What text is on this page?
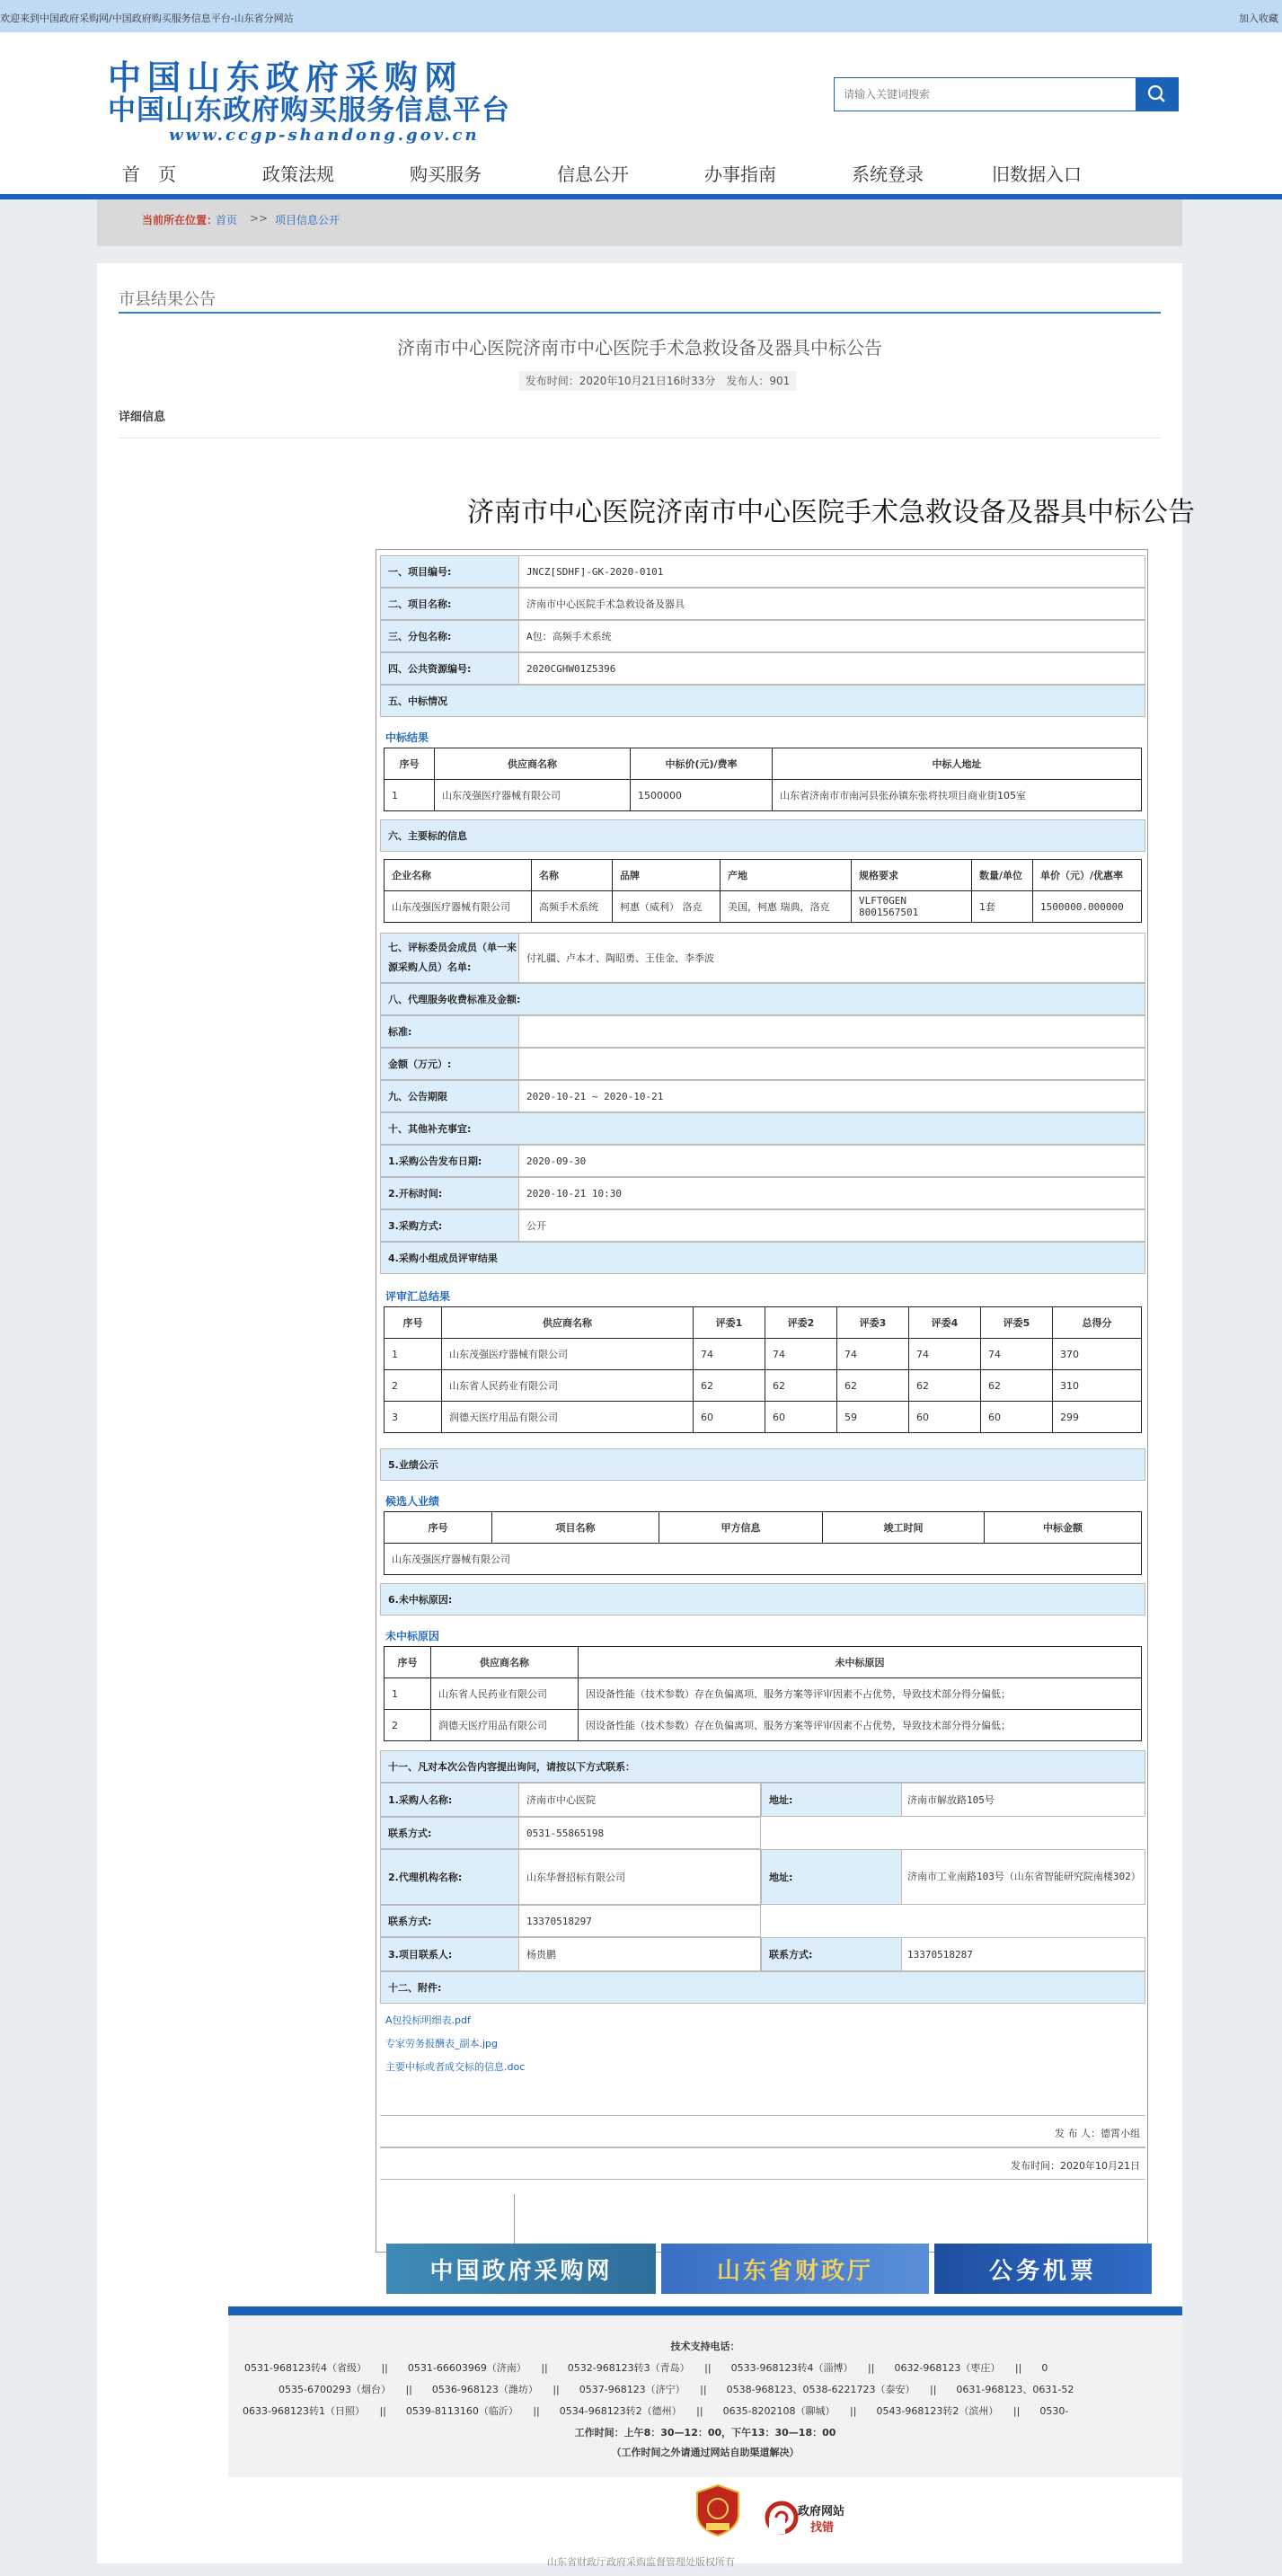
欢迎来到中国政府采购网/中国政府购买服务信息平台-山东省分网站	加入收藏
中国山东政府采购网
中国山东政府购买服务信息平台
www.ccgp-shandong.gov.cn
请输入关键词搜索
首　页	政策法规	购买服务	信息公开	办事指南	系统登录	旧数据入口
当前所在位置：
首页 >> 项目信息公开
市县结果公告
济南市中心医院济南市中心医院手术急救设备及器具中标公告
发布时间：2020年10月21日16时33分　发布人：901
详细信息
济南市中心医院济南市中心医院手术急救设备及器具中标公告
一、项目编号:	JNCZ[SDHF]-GK-2020-0101
二、项目名称:	济南市中心医院手术急救设备及器具
三、分包名称:	A包：高频手术系统
四、公共资源编号:	2020CGHW01Z5396
五、中标情况
中标结果
序号	供应商名称	中标价(元)/费率	中标人地址
1	山东茂强医疗器械有限公司	1500000	山东省济南市市南河县张孙镇东张将扶项目商业街105室
六、主要标的信息
企业名称	名称	品牌	产地	规格要求	数量/单位	单价（元）/优惠率
山东茂强医疗器械有限公司	高频手术系统	柯惠（威利） 洛克	美国，柯惠 瑞典，洛克	VLFT0GEN 8001567501	1套	1500000.000000
七、评标委员会成员（单一来源采购人员）名单:
付礼疆、卢本才、陶昭勇、王佳金、李季波
八、代理服务收费标准及金额:
标准:
金额（万元）:
九、公告期限	2020-10-21 ~ 2020-10-21
十、其他补充事宜:
1.采购公告发布日期:	2020-09-30
2.开标时间:	2020-10-21 10:30
3.采购方式:	公开
4.采购小组成员评审结果
评审汇总结果
序号	供应商名称	评委1	评委2	评委3	评委4	评委5	总得分
1	山东茂强医疗器械有限公司	74	74	74	74	74	370
2	山东省人民药业有限公司	62	62	62	62	62	310
3	润德天医疗用品有限公司	60	60	59	60	60	299
5.业绩公示
候选人业绩
序号	项目名称	甲方信息	竣工时间	中标金额
山东茂强医疗器械有限公司
6.未中标原因:
未中标原因
序号	供应商名称	未中标原因
1	山东省人民药业有限公司	因设备性能（技术参数）存在负偏离项、服务方案等评审因素不占优势，导致技术部分得分偏低；
2	润德天医疗用品有限公司	因设备性能（技术参数）存在负偏离项、服务方案等评审因素不占优势，导致技术部分得分偏低；
十一、凡对本次公告内容提出询问，请按以下方式联系：
1.采购人名称:	济南市中心医院	地址:	济南市解放路105号
联系方式:	0531-55865198
2.代理机构名称:	山东华督招标有限公司	地址:	济南市工业南路103号（山东省智能研究院南楼302）
联系方式:	13370518297
3.项目联系人:	杨贵鹏	联系方式:	13370518287
十二、附件:
A包投标明细表.pdf
专家劳务报酬表_副本.jpg
主要中标或者成交标的信息.doc
发 布 人：德霄小组
发布时间：2020年10月21日
中国政府采购网	山东省财政厅	公务机票
技术支持电话：
0531-968123转4（省级）　　||　　0531-66603969（济南）　　||　　0532-968123转3（青岛）　　||　　0533-968123转4（淄博）　　||　　0632-968123（枣庄）　　||　　0
0535-6700293（烟台）　　||　　0536-968123（潍坊）　　||　　0537-968123（济宁）　　||　　0538-968123、0538-6221723（泰安）　　||　　0631-968123、0631-52
0633-968123转1（日照）　　||　　0539-8113160（临沂）　　||　　0534-968123转2（德州）　　||　　0635-8202108（聊城）　　||　　0543-968123转2（滨州）　　||　　0530-
工作时间：上午8：30—12：00，下午13：30—18：00
（工作时间之外请通过网站自助渠道解决）
政府网站
找错
山东省财政厅政府采购监督管理处版权所有
